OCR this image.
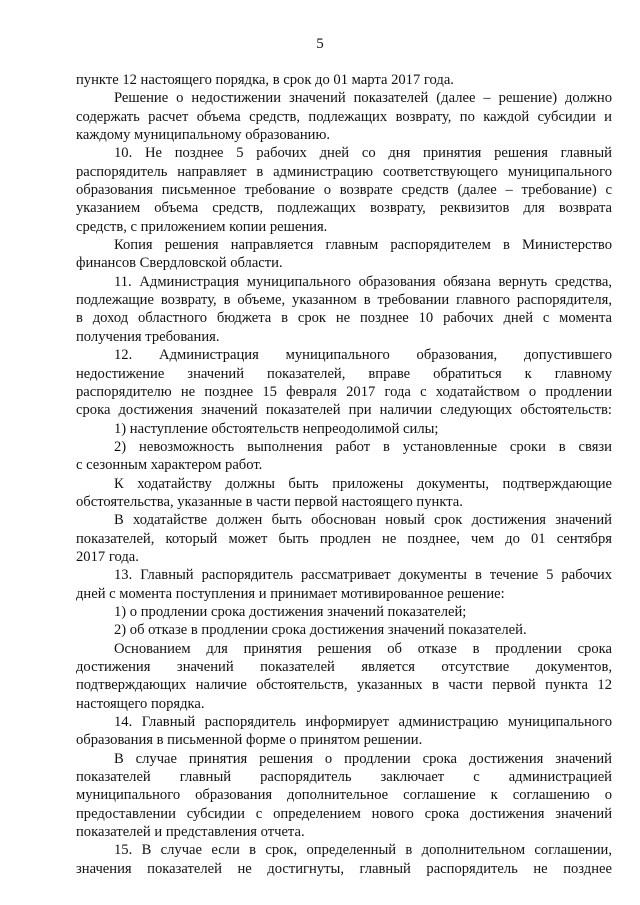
5
пункте 12 настоящего порядка, в срок до 01 марта 2017 года.
Решение о недостижении значений показателей (далее – решение) должно
содержать расчет объема средств, подлежащих возврату, по каждой субсидии и
каждому муниципальному образованию.
10. Не позднее 5 рабочих дней со дня принятия решения главный
распорядитель направляет в администрацию соответствующего муниципального
образования письменное требование о возврате средств (далее – требование) с
указанием объема средств, подлежащих возврату, реквизитов для возврата
средств, с приложением копии решения.
Копия решения направляется главным распорядителем в Министерство
финансов Свердловской области.
11. Администрация муниципального образования обязана вернуть средства,
подлежащие возврату, в объеме, указанном в требовании главного распорядителя,
в доход областного бюджета в срок не позднее 10 рабочих дней с момента
получения требования.
12. Администрация муниципального образования, допустившего
недостижение значений показателей, вправе обратиться к главному
распорядителю не позднее 15 февраля 2017 года с ходатайством о продлении
срока достижения значений показателей при наличии следующих обстоятельств:
1) наступление обстоятельств непреодолимой силы;
2) невозможность выполнения работ в установленные сроки в связи
с сезонным характером работ.
К ходатайству должны быть приложены документы, подтверждающие
обстоятельства, указанные в части первой настоящего пункта.
В ходатайстве должен быть обоснован новый срок достижения значений
показателей, который может быть продлен не позднее, чем до 01 сентября
2017 года.
13. Главный распорядитель рассматривает документы в течение 5 рабочих
дней с момента поступления и принимает мотивированное решение:
1) о продлении срока достижения значений показателей;
2) об отказе в продлении срока достижения значений показателей.
Основанием для принятия решения об отказе в продлении срока
достижения значений показателей является отсутствие документов,
подтверждающих наличие обстоятельств, указанных в части первой пункта 12
настоящего порядка.
14. Главный распорядитель информирует администрацию муниципального
образования в письменной форме о принятом решении.
В случае принятия решения о продлении срока достижения значений
показателей главный распорядитель заключает с администрацией
муниципального образования дополнительное соглашение к соглашению о
предоставлении субсидии с определением нового срока достижения значений
показателей и представления отчета.
15. В случае если в срок, определенный в дополнительном соглашении,
значения показателей не достигнуты, главный распорядитель не позднее
